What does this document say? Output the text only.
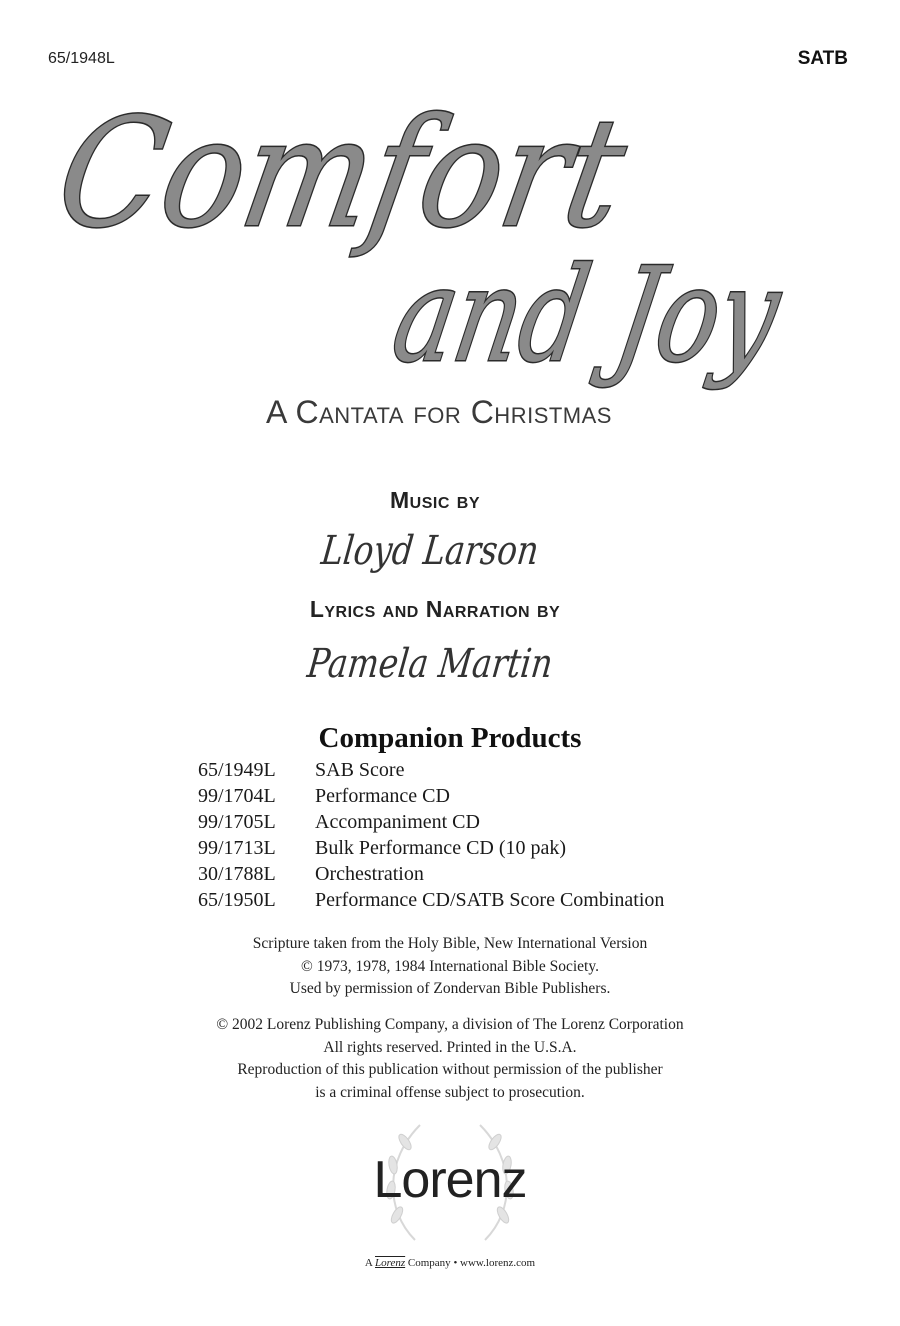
65/1948L	SATB
Comfort
and Joy
A Cantata for Christmas
Music by
Lloyd Larson
Lyrics and Narration by
Pamela Martin
Companion Products
65/1949L	SAB Score
99/1704L	Performance CD
99/1705L	Accompaniment CD
99/1713L	Bulk Performance CD (10 pak)
30/1788L	Orchestration
65/1950L	Performance CD/SATB Score Combination
Scripture taken from the Holy Bible, New International Version
© 1973, 1978, 1984 International Bible Society.
Used by permission of Zondervan Bible Publishers.
© 2002 Lorenz Publishing Company, a division of The Lorenz Corporation
All rights reserved. Printed in the U.S.A.
Reproduction of this publication without permission of the publisher
is a criminal offense subject to prosecution.
Lorenz
A Lorenz Company • www.lorenz.com
